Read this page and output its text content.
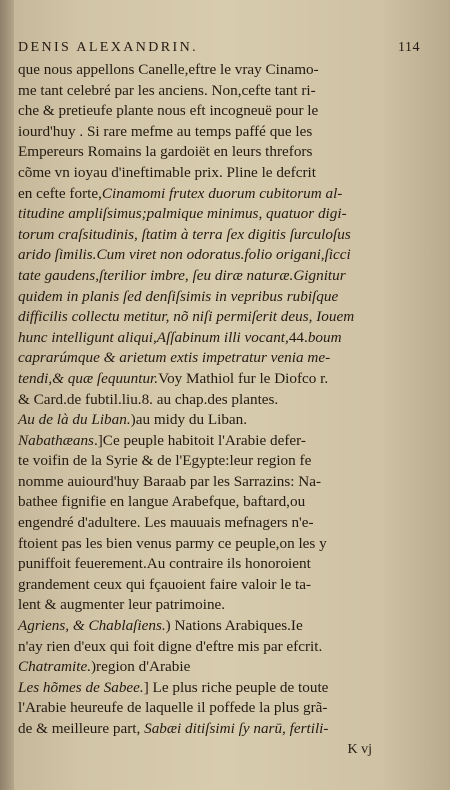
DENIS ALEXANDRIN.	114
que nous appellons Canelle,eftre le vray Cinamo-
me tant celebré par les anciens. Non,cefte tant ri-
che & pretieufe plante nous eft incogneuë pour le
iourd'huy . Si rare mefme au temps paffé que les
Empereurs Romains la gardoiët en leurs threfors
cõme vn ioyau d'ineftimable prix. Pline le defcrit
en cefte forte,Cinamomi frutex duorum cubitorum al-
titudine ampliſsimus;palmique minimus, quatuor digi-
torum craſsitudinis, ſtatim à terra ſex digitis ſurculoſus
arido ſimilis.Cum viret non odoratus.folio origani,ſicci
tate gaudens,ſterilior imbre, ſeu diræ naturæ.Gignitur
quidem in planis ſed denſiſsimis in vepribus rubiſque
difficilis collectu metitur, nõ niſi permiſerit deus, Iouem
hunc intelligunt aliqui,Aſſabinum illi vocant,44.boum
caprarúmque & arietum extis impetratur venia me-
tendi,& quæ ſequuntur.Voy Mathiol fur le Diofco r.
& Card.de fubtil.liu.8. au chap.des plantes.
Au de là du Liban.)au midy du Liban.
Nabathæans.]Ce peuple habitoit l'Arabie defer-
te voifin de la Syrie & de l'Egypte:leur region fe
nomme auiourd'huy Baraab par les Sarrazins: Na-
bathee fignifie en langue Arabefque, baftard,ou
engendré d'adultere. Les mauuais mefnagers n'e-
ftoient pas les bien venus parmy ce peuple,on les y
puniffoit feuerement.Au contraire ils honoroient
grandement ceux qui fçauoient faire valoir le ta-
lent & augmenter leur patrimoine.
Agriens, & Chablaſiens.) Nations Arabiques.Ie
n'ay rien d'eux qui foit digne d'eftre mis par efcrit.
Chatramite.)region d'Arabie
Les hõmes de Sabee.] Le plus riche peuple de toute
l'Arabie heureufe de laquelle il poffede la plus grã-
de & meilleure part, Sabæi ditiſsimi ſy narū, fertili-
K vj
